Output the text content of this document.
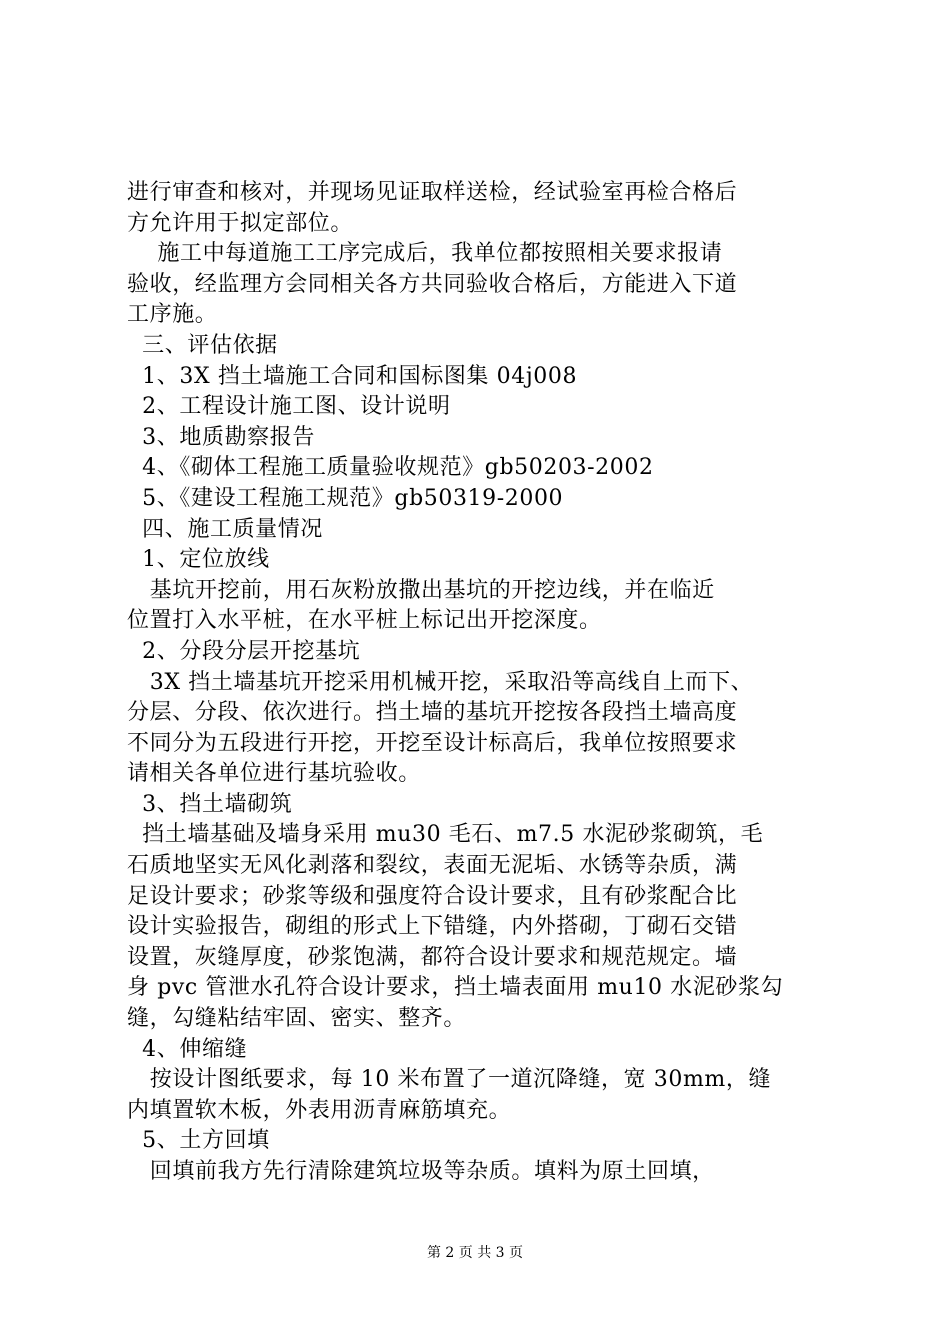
进行审查和核对，并现场见证取样送检，经试验室再检合格后
方允许用于拟定部位。
施工中每道施工工序完成后，我单位都按照相关要求报请
验收，经监理方会同相关各方共同验收合格后，方能进入下道
工序施。
三、评估依据
1、3X 挡土墙施工合同和国标图集 04j008
2、工程设计施工图、设计说明
3、地质勘察报告
4、《砌体工程施工质量验收规范》gb50203-2002
5、《建设工程施工规范》gb50319-2000
四、施工质量情况
1、定位放线
基坑开挖前，用石灰粉放撒出基坑的开挖边线，并在临近
位置打入水平桩，在水平桩上标记出开挖深度。
2、分段分层开挖基坑
3X 挡土墙基坑开挖采用机械开挖，采取沿等高线自上而下、
分层、分段、依次进行。挡土墙的基坑开挖按各段挡土墙高度
不同分为五段进行开挖，开挖至设计标高后，我单位按照要求
请相关各单位进行基坑验收。
3、挡土墙砌筑
挡土墙基础及墙身采用 mu30 毛石、m7.5 水泥砂浆砌筑，毛
石质地坚实无风化剥落和裂纹，表面无泥垢、水锈等杂质，满
足设计要求；砂浆等级和强度符合设计要求，且有砂浆配合比
设计实验报告，砌组的形式上下错缝，内外搭砌，丁砌石交错
设置，灰缝厚度，砂浆饱满，都符合设计要求和规范规定。墙
身 pvc 管泄水孔符合设计要求，挡土墙表面用 mu10 水泥砂浆勾
缝，勾缝粘结牢固、密实、整齐。
4、伸缩缝
按设计图纸要求，每 10 米布置了一道沉降缝，宽 30mm，缝
内填置软木板，外表用沥青麻筋填充。
5、土方回填
回填前我方先行清除建筑垃圾等杂质。填料为原土回填，
第 2 页 共 3 页
